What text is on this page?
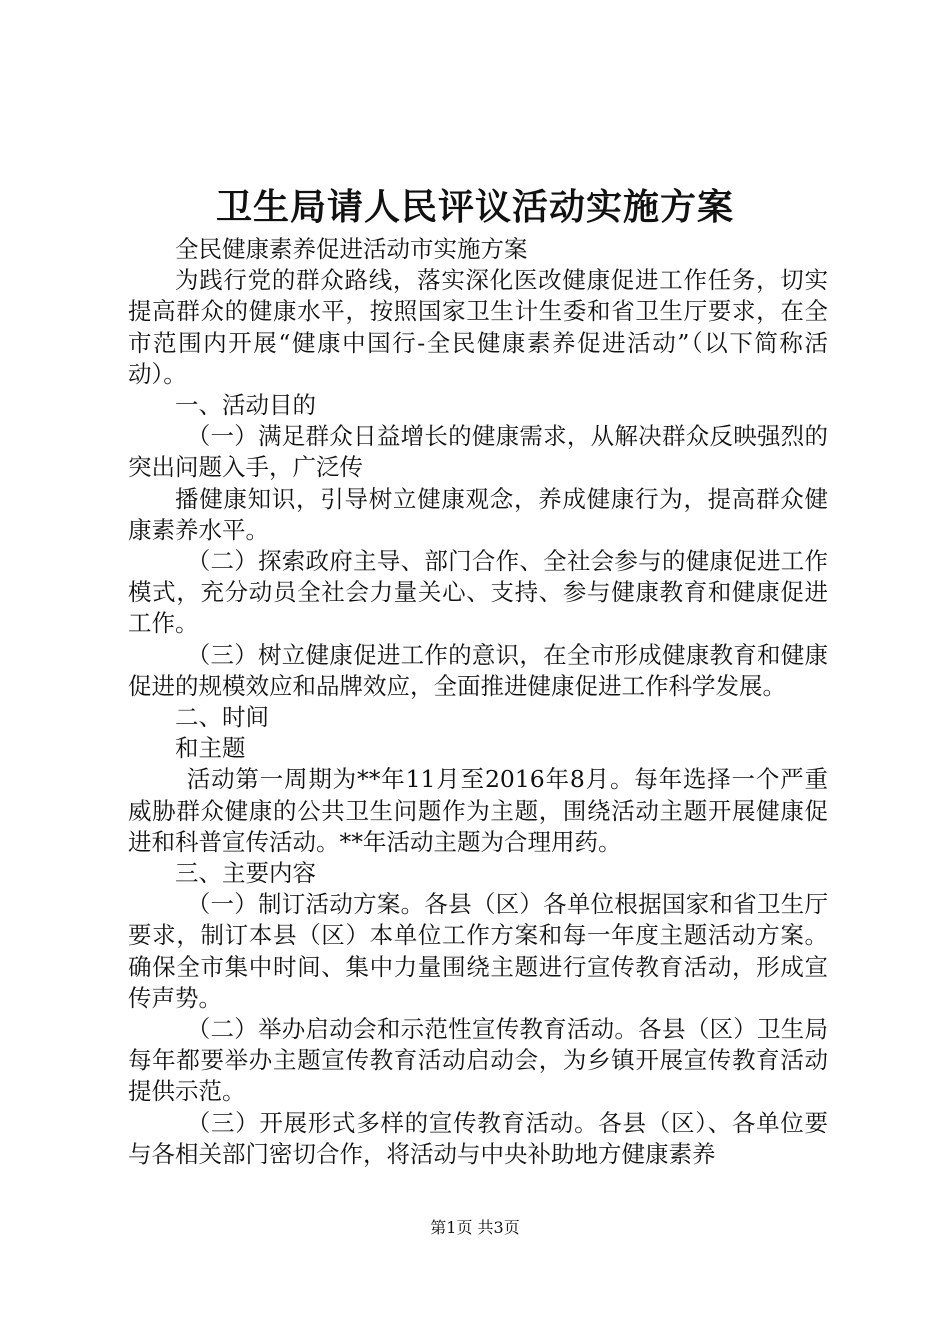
卫生局请人民评议活动实施方案

全民健康素养促进活动市实施方案

为践行党的群众路线，落实深化医改健康促进工作任务，切实提高群众的健康水平，按照国家卫生计生委和省卫生厅要求，在全市范围内开展“健康中国行-全民健康素养促进活动”（以下简称活动）。

一、活动目的

（一）满足群众日益增长的健康需求，从解决群众反映强烈的突出问题入手，广泛传

播健康知识，引导树立健康观念，养成健康行为，提高群众健康素养水平。

（二）探索政府主导、部门合作、全社会参与的健康促进工作模式，充分动员全社会力量关心、支持、参与健康教育和健康促进工作。

（三）树立健康促进工作的意识，在全市形成健康教育和健康促进的规模效应和品牌效应，全面推进健康促进工作科学发展。

二、时间

和主题

活动第一周期为**年11月至2016年8月。每年选择一个严重威胁群众健康的公共卫生问题作为主题，围绕活动主题开展健康促进和科普宣传活动。**年活动主题为合理用药。

三、主要内容

（一）制订活动方案。各县（区）各单位根据国家和省卫生厅要求，制订本县（区）本单位工作方案和每一年度主题活动方案。确保全市集中时间、集中力量围绕主题进行宣传教育活动，形成宣传声势。

（二）举办启动会和示范性宣传教育活动。各县（区）卫生局每年都要举办主题宣传教育活动启动会，为乡镇开展宣传教育活动提供示范。

（三）开展形式多样的宣传教育活动。各县（区）、各单位要与各相关部门密切合作，将活动与中央补助地方健康素养

第1页 共3页
